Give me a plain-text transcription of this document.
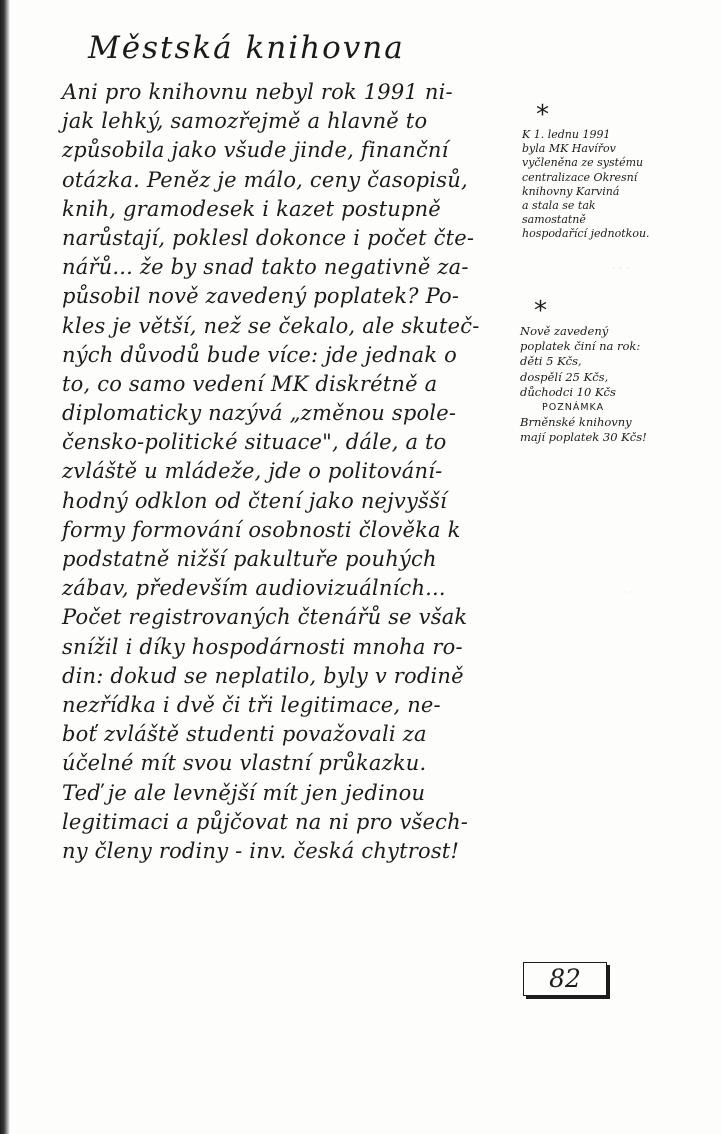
· · ·
· · ·
Městská knihovna
Ani pro knihovnu nebyl rok 1991 ni-
jak lehký, samozřejmě a hlavně to
způsobila jako všude jinde, finanční
otázka. Peněz je málo, ceny časopisů,
knih, gramodesek i kazet postupně
narůstají, poklesl dokonce i počet čte-
nářů... že by snad takto negativně za-
působil nově zavedený poplatek? Po-
kles je větší, než se čekalo, ale skuteč-
ných důvodů bude více: jde jednak o
to, co samo vedení MK diskrétně a
diplomaticky nazývá „změnou spole-
čensko-politické situace", dále, a to
zvláště u mládeže, jde o politování-
hodný odklon od čtení jako nejvyšší
formy formování osobnosti člověka k
podstatně nižší pakultuře pouhých
zábav, především audiovizuálních...
Počet registrovaných čtenářů se však
snížil i díky hospodárnosti mnoha ro-
din: dokud se neplatilo, byly v rodině
nezřídka i dvě či tři legitimace, ne-
boť zvláště studenti považovali za
účelné mít svou vlastní průkazku.
Teď je ale levnější mít jen jedinou
legitimaci a půjčovat na ni pro všech-
ny členy rodiny - inv. česká chytrost!
*
K 1. lednu 1991
byla MK Havířov
vyčleněna ze systému
centralizace Okresní
knihovny Karviná
a stala se tak
samostatně
hospodařící jednotkou.
*
Nově zavedený
poplatek činí na rok:
děti 5 Kčs,
dospělí 25 Kčs,
důchodci 10 Kčs
POZNÁMKA
Brněnské knihovny
mají poplatek 30 Kčs!
82
